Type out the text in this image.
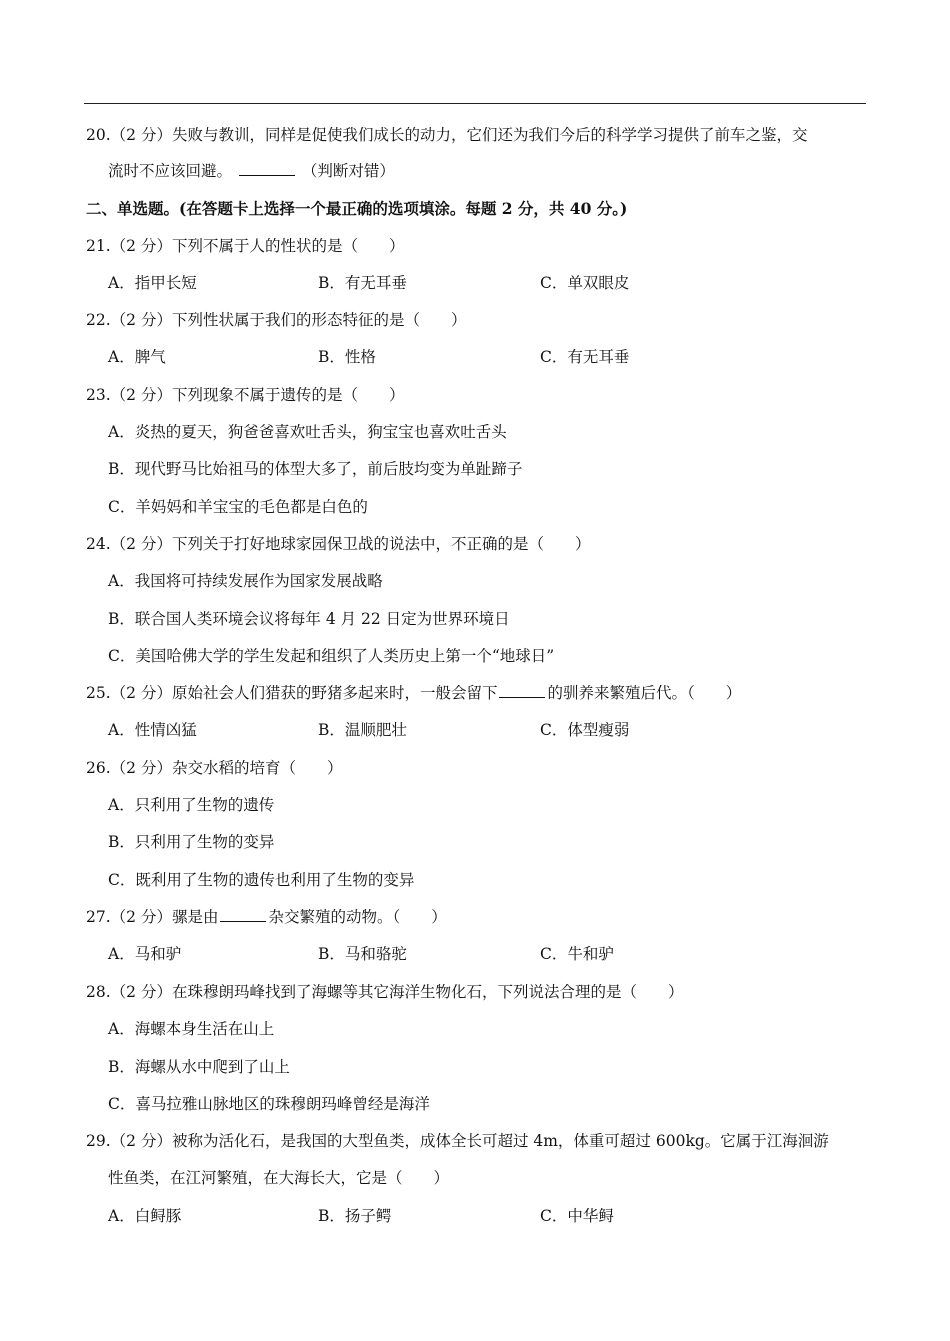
20.（2 分）失败与教训，同样是促使我们成长的动力，它们还为我们今后的科学学习提供了前车之鉴，交
流时不应该回避。	（判断对错）
二、单选题。(在答题卡上选择一个最正确的选项填涂。每题 2 分，共 40 分。)
21.（2 分）下列不属于人的性状的是（　　）
A．指甲长短	B．有无耳垂	C．单双眼皮
22.（2 分）下列性状属于我们的形态特征的是（　　）
A．脾气	B．性格	C．有无耳垂
23.（2 分）下列现象不属于遗传的是（　　）
A．炎热的夏天，狗爸爸喜欢吐舌头，狗宝宝也喜欢吐舌头
B．现代野马比始祖马的体型大多了，前后肢均变为单趾蹄子
C．羊妈妈和羊宝宝的毛色都是白色的
24.（2 分）下列关于打好地球家园保卫战的说法中，不正确的是（　　）
A．我国将可持续发展作为国家发展战略
B．联合国人类环境会议将每年 4 月 22 日定为世界环境日
C．美国哈佛大学的学生发起和组织了人类历史上第一个“地球日”
25.（2 分）原始社会人们猎获的野猪多起来时，一般会留下	的驯养来繁殖后代。（　　）
A．性情凶猛	B．温顺肥壮	C．体型瘦弱
26.（2 分）杂交水稻的培育（　　）
A．只利用了生物的遗传
B．只利用了生物的变异
C．既利用了生物的遗传也利用了生物的变异
27.（2 分）骡是由	杂交繁殖的动物。（　　）
A．马和驴	B．马和骆驼	C．牛和驴
28.（2 分）在珠穆朗玛峰找到了海螺等其它海洋生物化石，下列说法合理的是（　　）
A．海螺本身生活在山上
B．海螺从水中爬到了山上
C．喜马拉雅山脉地区的珠穆朗玛峰曾经是海洋
29.（2 分）被称为活化石，是我国的大型鱼类，成体全长可超过 4m，体重可超过 600kg。它属于江海洄游
性鱼类，在江河繁殖，在大海长大，它是（　　）
A．白鲟豚	B．扬子鳄	C．中华鲟
